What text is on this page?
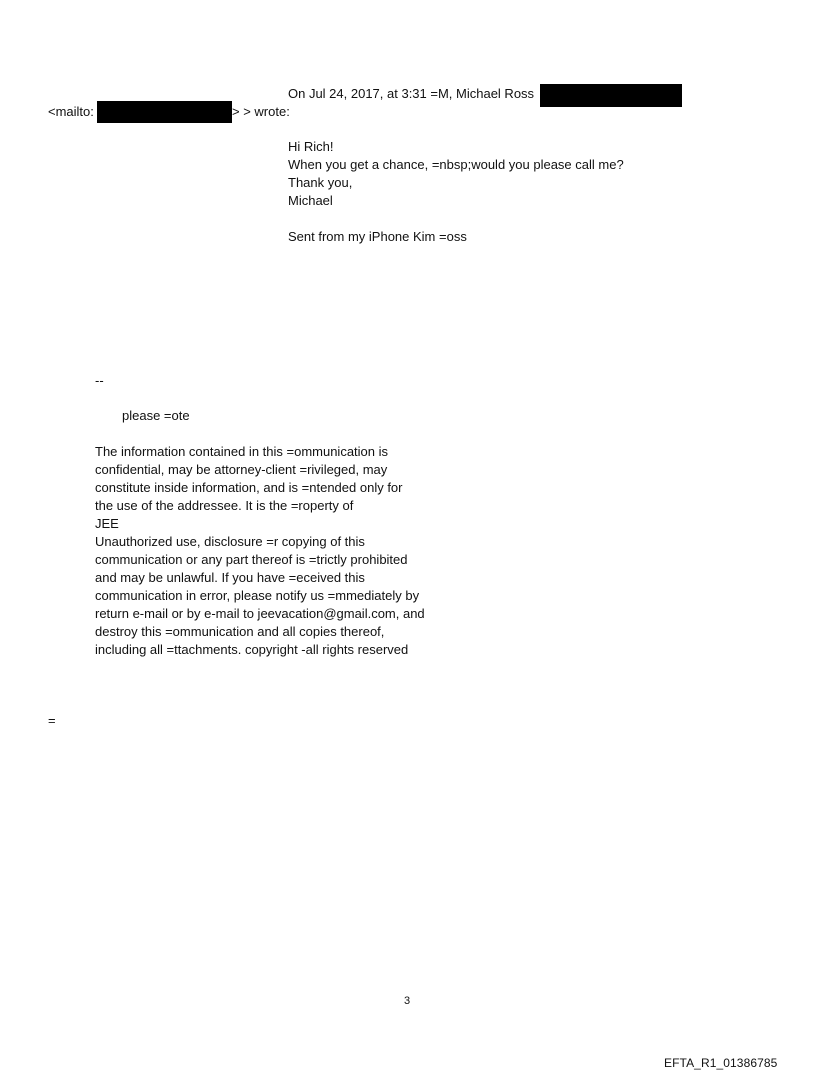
On Jul 24, 2017, at 3:31 =M, Michael Ross
<mailto:	> > wrote:
Hi Rich!
When you get a chance, =nbsp;would you please call me?
Thank you,
Michael
Sent from my iPhone Kim =oss
--
please =ote
The information contained in this =ommunication is
confidential, may be attorney-client =rivileged, may
constitute inside information, and is =ntended only for
the use of the addressee. It is the =roperty of
JEE
Unauthorized use, disclosure =r copying of this
communication or any part thereof is =trictly prohibited
and may be unlawful. If you have =eceived this
communication in error, please notify us =mmediately by
return e-mail or by e-mail to jeevacation@gmail.com, and
destroy this =ommunication and all copies thereof,
including all =ttachments. copyright -all rights reserved
=
3
EFTA_R1_01386785
